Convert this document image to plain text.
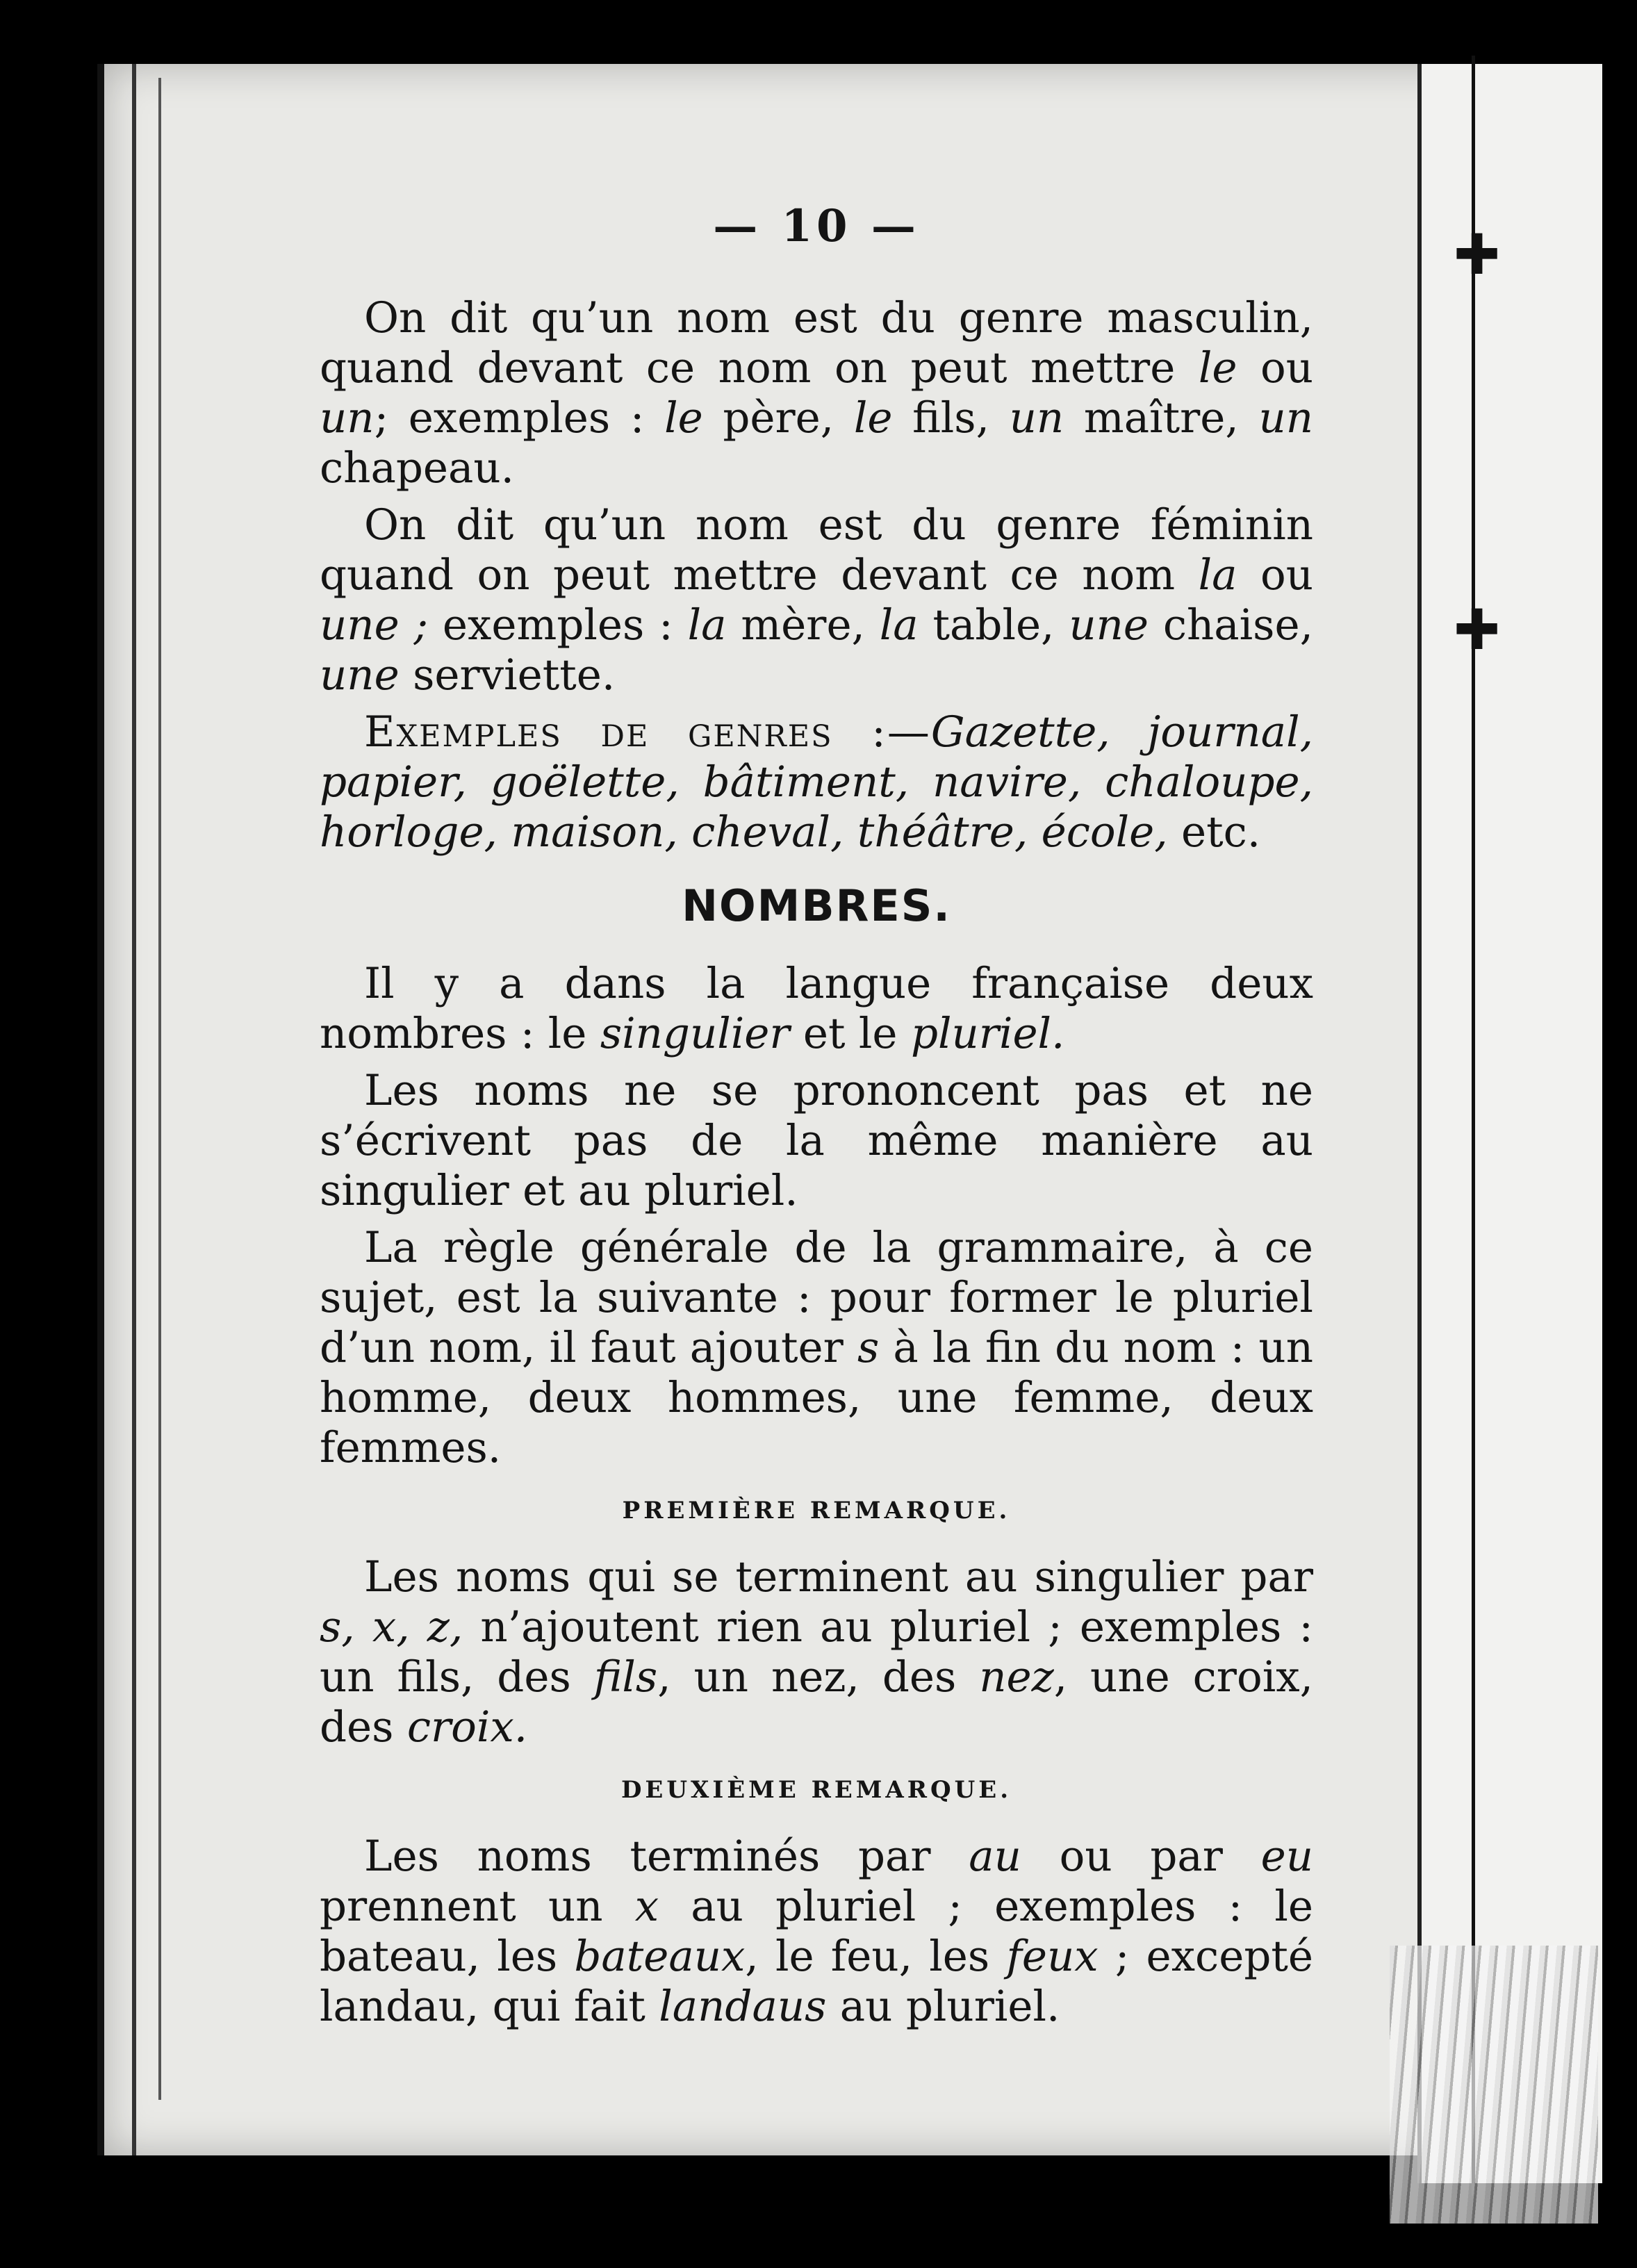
✚
✚
— 10 —

On dit qu’un nom est du genre masculin, quand devant ce nom on peut mettre le ou un; exemples : le père, le fils, un maître, un chapeau.

On dit qu’un nom est du genre féminin quand on peut mettre devant ce nom la ou une ; exemples : la mère, la table, une chaise, une serviette.

Exemples de genres :—Gazette, journal, papier, goëlette, bâtiment, navire, chaloupe, horloge, maison, cheval, théâtre, école, etc.

NOMBRES.

Il y a dans la langue française deux nombres : le singulier et le pluriel.

Les noms ne se prononcent pas et ne s’écrivent pas de la même manière au singulier et au pluriel.

La règle générale de la grammaire, à ce sujet, est la suivante : pour former le pluriel d’un nom, il faut ajouter s à la fin du nom : un homme, deux hommes, une femme, deux femmes.

PREMIÈRE REMARQUE.

Les noms qui se terminent au singulier par s, x, z, n’ajoutent rien au pluriel ; exemples : un fils, des fils, un nez, des nez, une croix, des croix.

DEUXIÈME REMARQUE.

Les noms terminés par au ou par eu prennent un x au pluriel ; exemples : le bateau, les bateaux, le feu, les feux ; excepté landau, qui fait landaus au pluriel.
